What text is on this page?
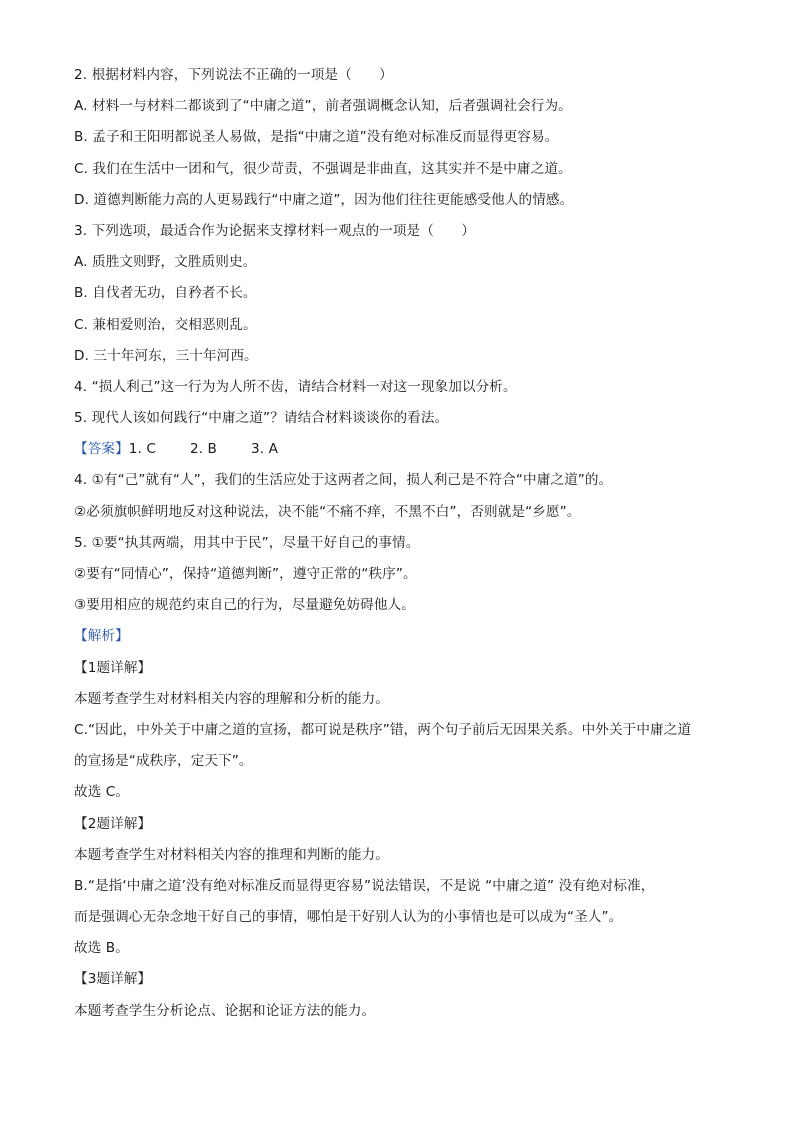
2. 根据材料内容，下列说法不正确的一项是（　　）
A. 材料一与材料二都谈到了“中庸之道”，前者强调概念认知，后者强调社会行为。
B. 孟子和王阳明都说圣人易做，是指“中庸之道”没有绝对标准反而显得更容易。
C. 我们在生活中一团和气，很少苛责，不强调是非曲直，这其实并不是中庸之道。
D. 道德判断能力高的人更易践行“中庸之道”，因为他们往往更能感受他人的情感。
3. 下列选项，最适合作为论据来支撑材料一观点的一项是（　　）
A. 质胜文则野，文胜质则史。
B. 自伐者无功，自矜者不长。
C. 兼相爱则治，交相恶则乱。
D. 三十年河东，三十年河西。
4. “损人利己”这一行为为人所不齿，请结合材料一对这一现象加以分析。
5. 现代人该如何践行“中庸之道”？请结合材料谈谈你的看法。
【答案】1. C	2. B	3. A
4. ①有“己”就有“人”，我们的生活应处于这两者之间，损人利己是不符合“中庸之道”的。
②必须旗帜鲜明地反对这种说法，决不能“不痛不痒，不黑不白”，否则就是“乡愿”。
5. ①要“执其两端，用其中于民”，尽量干好自己的事情。
②要有“同情心”，保持“道德判断”，遵守正常的“秩序”。
③要用相应的规范约束自己的行为，尽量避免妨碍他人。
【解析】
【1题详解】
本题考查学生对材料相关内容的理解和分析的能力。
C.“因此，中外关于中庸之道的宣扬，都可说是秩序”错，两个句子前后无因果关系。中外关于中庸之道
的宣扬是“成秩序，定天下”。
故选 C。
【2题详解】
本题考查学生对材料相关内容的推理和判断的能力。
B.“是指‘中庸之道’没有绝对标准反而显得更容易”说法错误，不是说 “中庸之道” 没有绝对标准，
而是强调心无杂念地干好自己的事情，哪怕是干好别人认为的小事情也是可以成为“圣人”。
故选 B。
【3题详解】
本题考查学生分析论点、论据和论证方法的能力。
